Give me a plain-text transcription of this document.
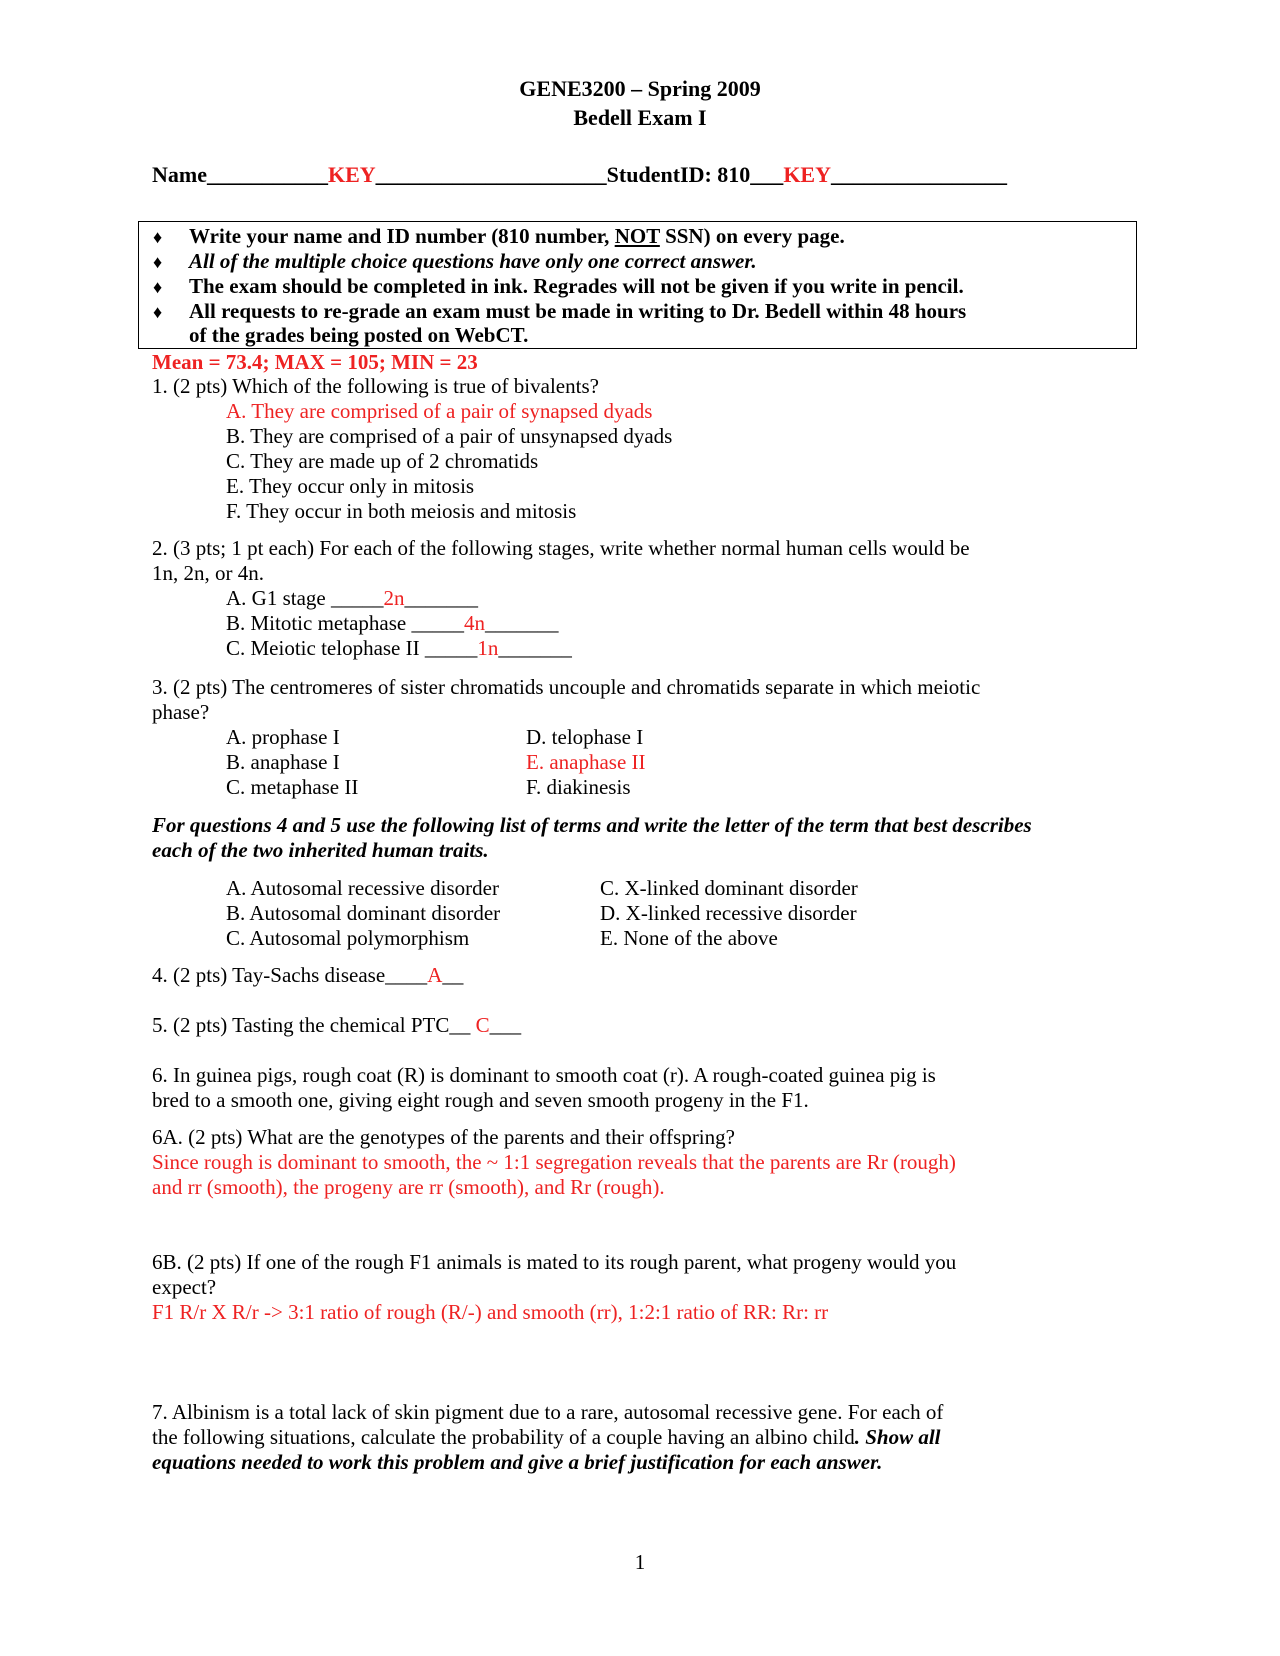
GENE3200 – Spring 2009
Bedell Exam I
Name___________KEY_____________________StudentID: 810___KEY________________
♦ Write your name and ID number (810 number, NOT SSN) on every page.
♦ All of the multiple choice questions have only one correct answer.
♦ The exam should be completed in ink. Regrades will not be given if you write in pencil.
♦ All requests to re-grade an exam must be made in writing to Dr. Bedell within 48 hours
of the grades being posted on WebCT.
Mean = 73.4; MAX = 105; MIN = 23
1. (2 pts) Which of the following is true of bivalents?
A. They are comprised of a pair of synapsed dyads
B. They are comprised of a pair of unsynapsed dyads
C. They are made up of 2 chromatids
E. They occur only in mitosis
F. They occur in both meiosis and mitosis
2. (3 pts; 1 pt each) For each of the following stages, write whether normal human cells would be
1n, 2n, or 4n.
A. G1 stage _____2n_______
B. Mitotic metaphase _____4n_______
C. Meiotic telophase II _____1n_______
3. (2 pts) The centromeres of sister chromatids uncouple and chromatids separate in which meiotic
phase?
A. prophase I
B. anaphase I
C. metaphase II
D. telophase I
E. anaphase II
F. diakinesis
For questions 4 and 5 use the following list of terms and write the letter of the term that best describes
each of the two inherited human traits.
A. Autosomal recessive disorder
B. Autosomal dominant disorder
C. Autosomal polymorphism
C. X-linked dominant disorder
D. X-linked recessive disorder
E. None of the above
4. (2 pts) Tay-Sachs disease____A__
5. (2 pts) Tasting the chemical PTC__ C___
6. In guinea pigs, rough coat (R) is dominant to smooth coat (r). A rough-coated guinea pig is
bred to a smooth one, giving eight rough and seven smooth progeny in the F1.
6A. (2 pts) What are the genotypes of the parents and their offspring?
Since rough is dominant to smooth, the ~ 1:1 segregation reveals that the parents are Rr (rough)
and rr (smooth), the progeny are rr (smooth), and Rr (rough).
6B. (2 pts) If one of the rough F1 animals is mated to its rough parent, what progeny would you
expect?
F1 R/r X R/r -> 3:1 ratio of rough (R/-) and smooth (rr), 1:2:1 ratio of RR: Rr: rr
7. Albinism is a total lack of skin pigment due to a rare, autosomal recessive gene. For each of
the following situations, calculate the probability of a couple having an albino child. Show all
equations needed to work this problem and give a brief justification for each answer.
1
